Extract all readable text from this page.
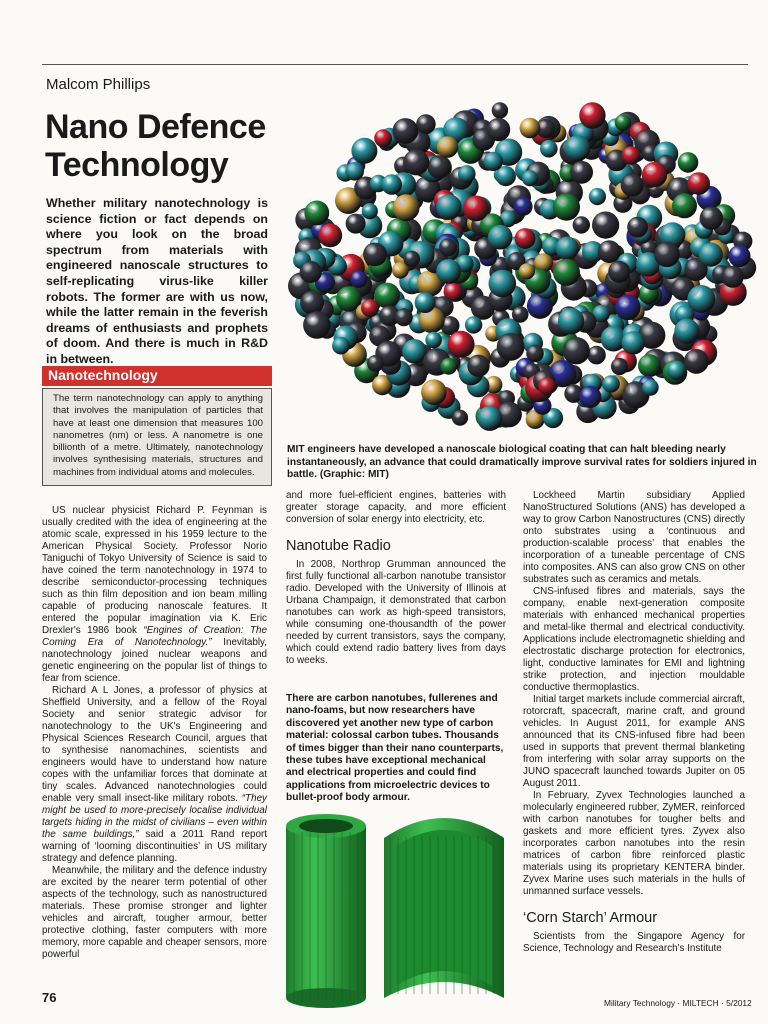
Malcom Phillips
Nano Defence Technology
Whether military nanotechnology is science fiction or fact depends on where you look on the broad spectrum from materials with engineered nanoscale structures to self-replicating virus-like killer robots. The former are with us now, while the latter remain in the feverish dreams of enthusiasts and prophets of doom. And there is much in R&D in between.
Nanotechnology
The term nanotechnology can apply to anything that involves the manipulation of particles that have at least one dimension that measures 100 nanometres (nm) or less. A nanometre is one billionth of a metre. Ultimately, nanotechnology involves synthesising materials, structures and machines from individual atoms and molecules.
MIT engineers have developed a nanoscale biological coating that can halt bleeding nearly instantaneously, an advance that could dramatically improve survival rates for soldiers injured in battle. (Graphic: MIT)

US nuclear physicist Richard P. Feynman is usually credited with the idea of engineering at the atomic scale, expressed in his 1959 lecture to the American Physical Society. Professor Norio Taniguchi of Tokyo University of Science is said to have coined the term nanotechnology in 1974 to describe semiconductor-processing techniques such as thin film deposition and ion beam milling capable of producing nanoscale features. It entered the popular imagination via K. Eric Drexler's 1986 book “Engines of Creation: The Coming Era of Nanotechnology.” Inevitably, nanotechnology joined nuclear weapons and genetic engineering on the popular list of things to fear from science.

Richard A L Jones, a professor of physics at Sheffield University, and a fellow of the Royal Society and senior strategic advisor for nanotechnology to the UK's Engineering and Physical Sciences Research Council, argues that to synthesise nanomachines, scientists and engineers would have to understand how nature copes with the unfamiliar forces that dominate at tiny scales. Advanced nanotechnologies could enable very small insect-like military robots. “They might be used to more-precisely localise individual targets hiding in the midst of civilians – even within the same buildings,” said a 2011 Rand report warning of ‘looming discontinuities’ in US military strategy and defence planning.

Meanwhile, the military and the defence industry are excited by the nearer term potential of other aspects of the technology, such as nanostructured materials. These promise stronger and lighter vehicles and aircraft, tougher armour, better protective clothing, faster computers with more memory, more capable and cheaper sensors, more powerful

and more fuel-efficient engines, batteries with greater storage capacity, and more efficient conversion of solar energy into electricity, etc.

Nanotube Radio

In 2008, Northrop Grumman announced the first fully functional all-carbon nanotube transistor radio. Developed with the University of Illinois at Urbana Champaign, it demonstrated that carbon nanotubes can work as high-speed transistors, while consuming one-thousandth of the power needed by current transistors, says the company, which could extend radio battery lives from days to weeks.

There are carbon nanotubes, fullerenes and nano-foams, but now researchers have discovered yet another new type of carbon material: colossal carbon tubes. Thousands of times bigger than their nano counterparts, these tubes have exceptional mechanical and electrical properties and could find applications from microelectric devices to bullet-proof body armour.

Lockheed Martin subsidiary Applied NanoStructured Solutions (ANS) has developed a way to grow Carbon Nanostructures (CNS) directly onto substrates using a ‘continuous and production-scalable process’ that enables the incorporation of a tuneable percentage of CNS into composites. ANS can also grow CNS on other substrates such as ceramics and metals.

CNS-infused fibres and materials, says the company, enable next-generation composite materials with enhanced mechanical properties and metal-like thermal and electrical conductivity. Applications include electromagnetic shielding and electrostatic discharge protection for electronics, light, conductive laminates for EMI and lightning strike protection, and injection mouldable conductive thermoplastics.

Initial target markets include commercial aircraft, rotorcraft, spacecraft, marine craft, and ground vehicles. In August 2011, for example ANS announced that its CNS-infused fibre had been used in supports that prevent thermal blanketing from interfering with solar array supports on the JUNO spacecraft launched towards Jupiter on 05 August 2011.

In February, Zyvex Technologies launched a molecularly engineered rubber, ZyMER, reinforced with carbon nanotubes for tougher belts and gaskets and more efficient tyres. Zyvex also incorporates carbon nanotubes into the resin matrices of carbon fibre reinforced plastic materials using its proprietary KENTERA binder. Zyvex Marine uses such materials in the hulls of unmanned surface vessels.

‘Corn Starch’ Armour

Scientists from the Singapore Agency for Science, Technology and Research's Institute

76	Military Technology · MILTECH · 5/2012
